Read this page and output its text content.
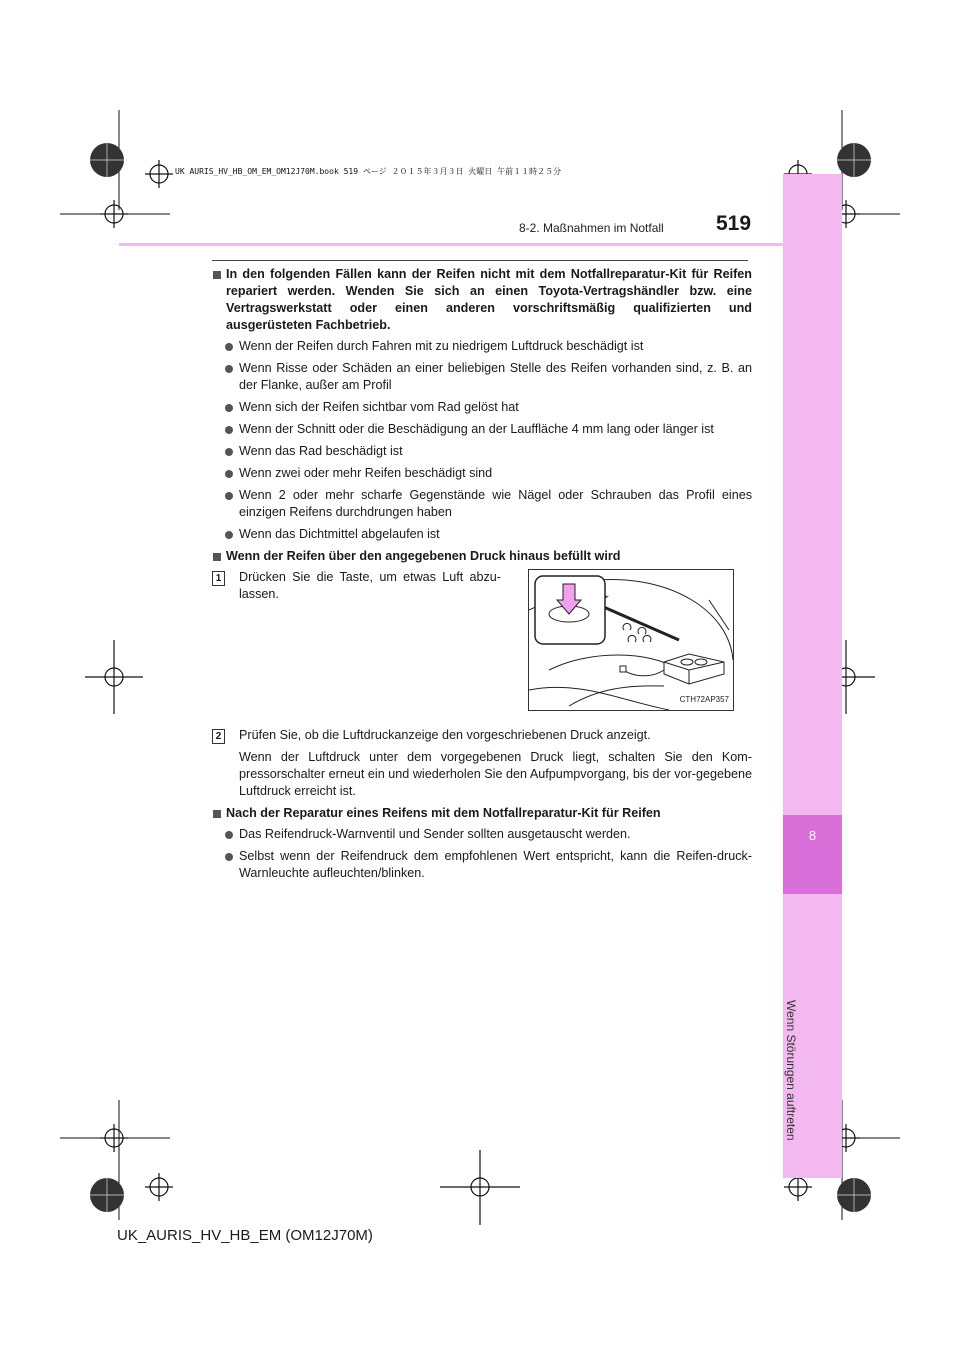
8
Wenn Störungen auftreten
UK AURIS_HV_HB_OM_EM_OM12J70M.book 519 ページ ２０１５年３月３日 火曜日 午前１１時２５分
8-2. Maßnahmen im Notfall 519
In den folgenden Fällen kann der Reifen nicht mit dem Notfallreparatur-Kit für Reifen repariert werden. Wenden Sie sich an einen Toyota-Vertragshändler bzw. eine Vertragswerkstatt oder einen anderen vorschriftsmäßig qualifizierten und ausgerüsteten Fachbetrieb.
Wenn der Reifen durch Fahren mit zu niedrigem Luftdruck beschädigt ist
Wenn Risse oder Schäden an einer beliebigen Stelle des Reifen vorhanden sind, z. B. an der Flanke, außer am Profil
Wenn sich der Reifen sichtbar vom Rad gelöst hat
Wenn der Schnitt oder die Beschädigung an der Lauffläche 4 mm lang oder länger ist
Wenn das Rad beschädigt ist
Wenn zwei oder mehr Reifen beschädigt sind
Wenn 2 oder mehr scharfe Gegenstände wie Nägel oder Schrauben das Profil eines einzigen Reifens durchdrungen haben
Wenn das Dichtmittel abgelaufen ist
Wenn der Reifen über den angegebenen Druck hinaus befüllt wird
1 Drücken Sie die Taste, um etwas Luft abzu-lassen.
CTH72AP357
2	Prüfen Sie, ob die Luftdruckanzeige den vorgeschriebenen Druck anzeigt.
Wenn der Luftdruck unter dem vorgegebenen Druck liegt, schalten Sie den Kom-pressorschalter erneut ein und wiederholen Sie den Aufpumpvorgang, bis der vor-gegebene Luftdruck erreicht ist.
Nach der Reparatur eines Reifens mit dem Notfallreparatur-Kit für Reifen
Das Reifendruck-Warnventil und Sender sollten ausgetauscht werden.
Selbst wenn der Reifendruck dem empfohlenen Wert entspricht, kann die Reifen-druck-Warnleuchte aufleuchten/blinken.
UK_AURIS_HV_HB_EM (OM12J70M)
